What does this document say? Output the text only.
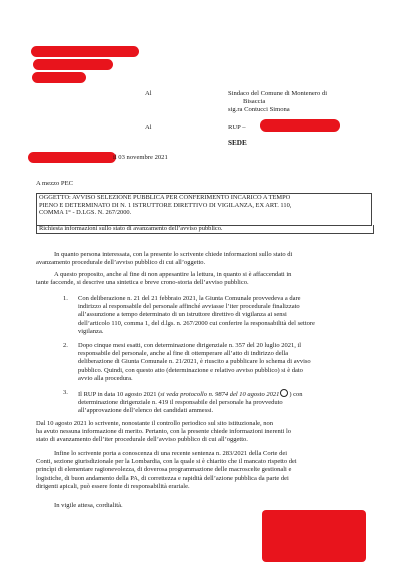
Al	Sindaco del Comune di Montenero di
Bisaccia
sig.ra Contucci Simona
Al	RUP –
SEDE
il 03 novembre 2021
A mezzo PEC
OGGETTO: AVVISO SELEZIONE PUBBLICA PER CONFERIMENTO INCARICO A TEMPO
PIENO E DETERMINATO DI N. 1 ISTRUTTORE DIRETTIVO DI VIGILANZA, EX ART. 110,
COMMA 1° - D.LGS. N. 267/2000.
Richiesta informazioni sullo stato di avanzamento dell’avviso pubblico.
In quanto persona interessata, con la presente lo scrivente chiede informazioni sullo stato di
avanzamento procedurale dell’avviso pubblico di cui all’oggetto.
A questo proposito, anche al fine di non appesantire la lettura, in quanto si è affaccendati in
tante faccende, si descrive una sintetica e breve crono-storia dell’avviso pubblico.
1. Con deliberazione n. 21 del 21 febbraio 2021, la Giunta Comunale provvedeva a dare
indirizzo al responsabile del personale affinché avviasse l’iter procedurale finalizzato
all’assunzione a tempo determinato di un istruttore direttivo di vigilanza ai sensi
dell’articolo 110, comma 1, del d.lgs. n. 267/2000 cui conferire la responsabilità del settore
vigilanza.
2. Dopo cinque mesi esatti, con determinazione dirigenziale n. 357 del 20 luglio 2021, il
responsabile del personale, anche al fine di ottemperare all’atto di indirizzo della
deliberazione di Giunta Comunale n. 21/2021, è riuscito a pubblicare lo schema di avviso
pubblico. Quindi, con questo atto (determinazione e relativo avviso pubblico) si è dato
avvio alla procedura.
3. Il RUP in data 10 agosto 2021 (si veda protocollo n. 9874 del 10 agosto 2021 ) con
determinazione dirigenziale n. 419 il responsabile del personale ha provveduto
all’approvazione dell’elenco dei candidati ammessi.
Dal 10 agosto 2021 lo scrivente, nonostante il controllo periodico sul sito istituzionale, non
ha avuto nessuna informazione di merito. Pertanto, con la presente chiede informazioni inerenti lo
stato di avanzamento dell’iter procedurale dell’avviso pubblico di cui all’oggetto.
Infine lo scrivente porta a conoscenza di una recente sentenza n. 283/2021 della Corte dei
Conti, sezione giurisdizionale per la Lombardia, con la quale si è chiarito che il mancato rispetto dei
princìpi di elementare ragionevolezza, di doverosa programmazione delle macroscelte gestionali e
logistiche, di buon andamento della PA, di correttezza e rapidità dell’azione pubblica da parte dei
dirigenti apicali, può essere fonte di responsabilità erariale.
In vigile attesa, cordialità.
